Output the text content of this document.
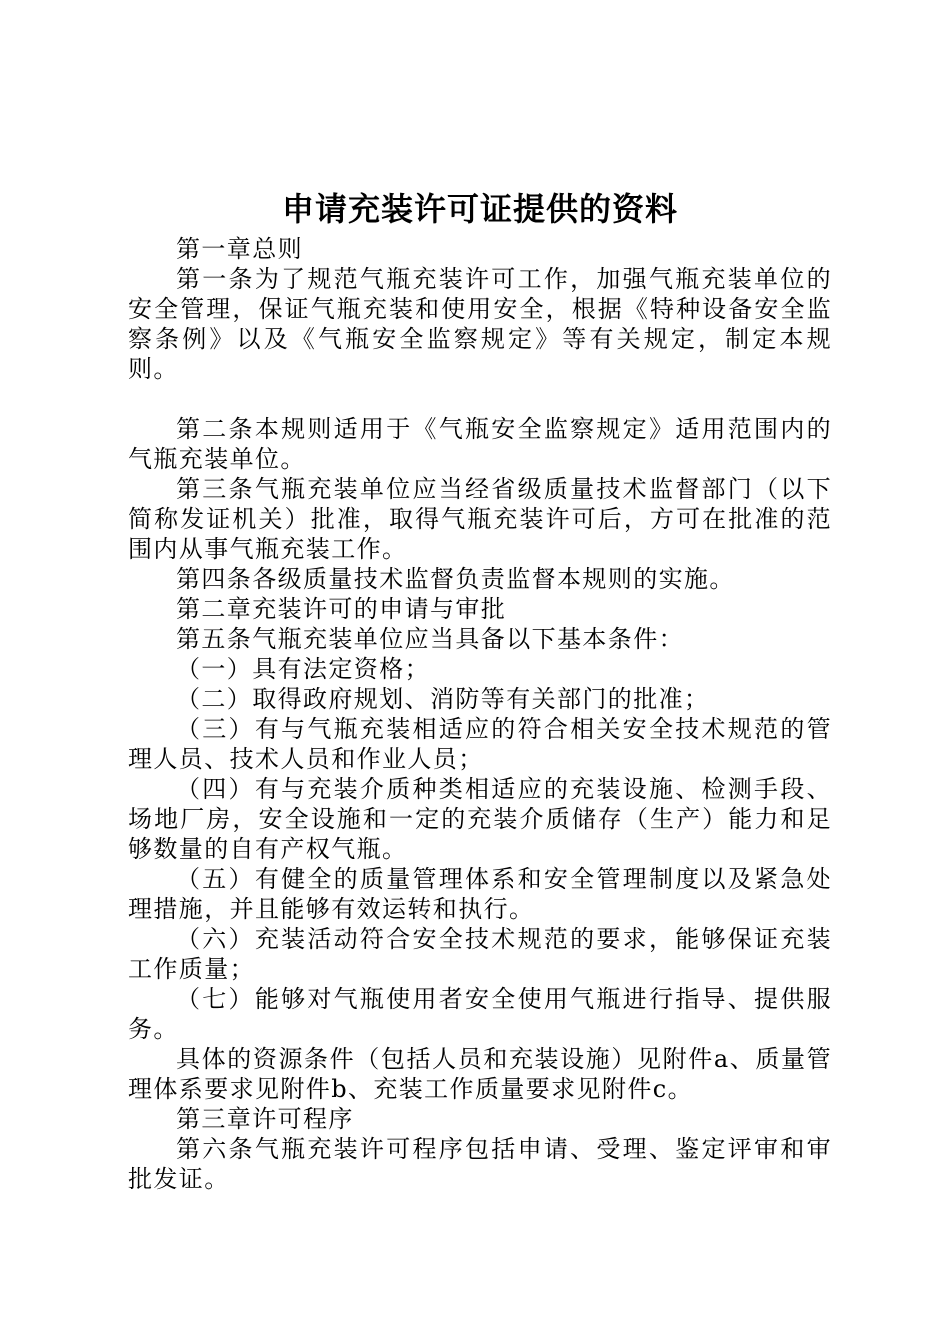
申请充装许可证提供的资料

第一章总则

第一条为了规范气瓶充装许可工作，加强气瓶充装单位的安全管理，保证气瓶充装和使用安全，根据《特种设备安全监察条例》以及《气瓶安全监察规定》等有关规定，制定本规则。

第二条本规则适用于《气瓶安全监察规定》适用范围内的气瓶充装单位。

第三条气瓶充装单位应当经省级质量技术监督部门（以下简称发证机关）批准，取得气瓶充装许可后，方可在批准的范围内从事气瓶充装工作。

第四条各级质量技术监督负责监督本规则的实施。

第二章充装许可的申请与审批

第五条气瓶充装单位应当具备以下基本条件：

（一）具有法定资格；

（二）取得政府规划、消防等有关部门的批准；

（三）有与气瓶充装相适应的符合相关安全技术规范的管理人员、技术人员和作业人员；

（四）有与充装介质种类相适应的充装设施、检测手段、场地厂房，安全设施和一定的充装介质储存（生产）能力和足够数量的自有产权气瓶。

（五）有健全的质量管理体系和安全管理制度以及紧急处理措施，并且能够有效运转和执行。

（六）充装活动符合安全技术规范的要求，能够保证充装工作质量；

（七）能够对气瓶使用者安全使用气瓶进行指导、提供服务。

具体的资源条件（包括人员和充装设施）见附件a、质量管理体系要求见附件b、充装工作质量要求见附件c。

第三章许可程序

第六条气瓶充装许可程序包括申请、受理、鉴定评审和审批发证。
